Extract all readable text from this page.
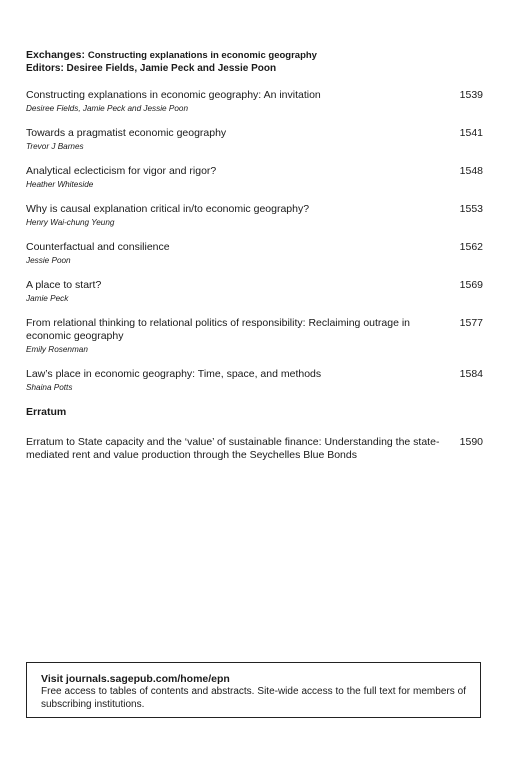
Exchanges: Constructing explanations in economic geography
Editors: Desiree Fields, Jamie Peck and Jessie Poon
Constructing explanations in economic geography: An invitation
Desiree Fields, Jamie Peck and Jessie Poon
1539
Towards a pragmatist economic geography
Trevor J Barnes
1541
Analytical eclecticism for vigor and rigor?
Heather Whiteside
1548
Why is causal explanation critical in/to economic geography?
Henry Wai-chung Yeung
1553
Counterfactual and consilience
Jessie Poon
1562
A place to start?
Jamie Peck
1569
From relational thinking to relational politics of responsibility: Reclaiming outrage in economic geography
Emily Rosenman
1577
Law’s place in economic geography: Time, space, and methods
Shaina Potts
1584
Erratum
Erratum to State capacity and the ‘value’ of sustainable finance: Understanding the state-mediated rent and value production through the Seychelles Blue Bonds
1590
Visit journals.sagepub.com/home/epn
Free access to tables of contents and abstracts. Site-wide access to the full text for members of subscribing institutions.
